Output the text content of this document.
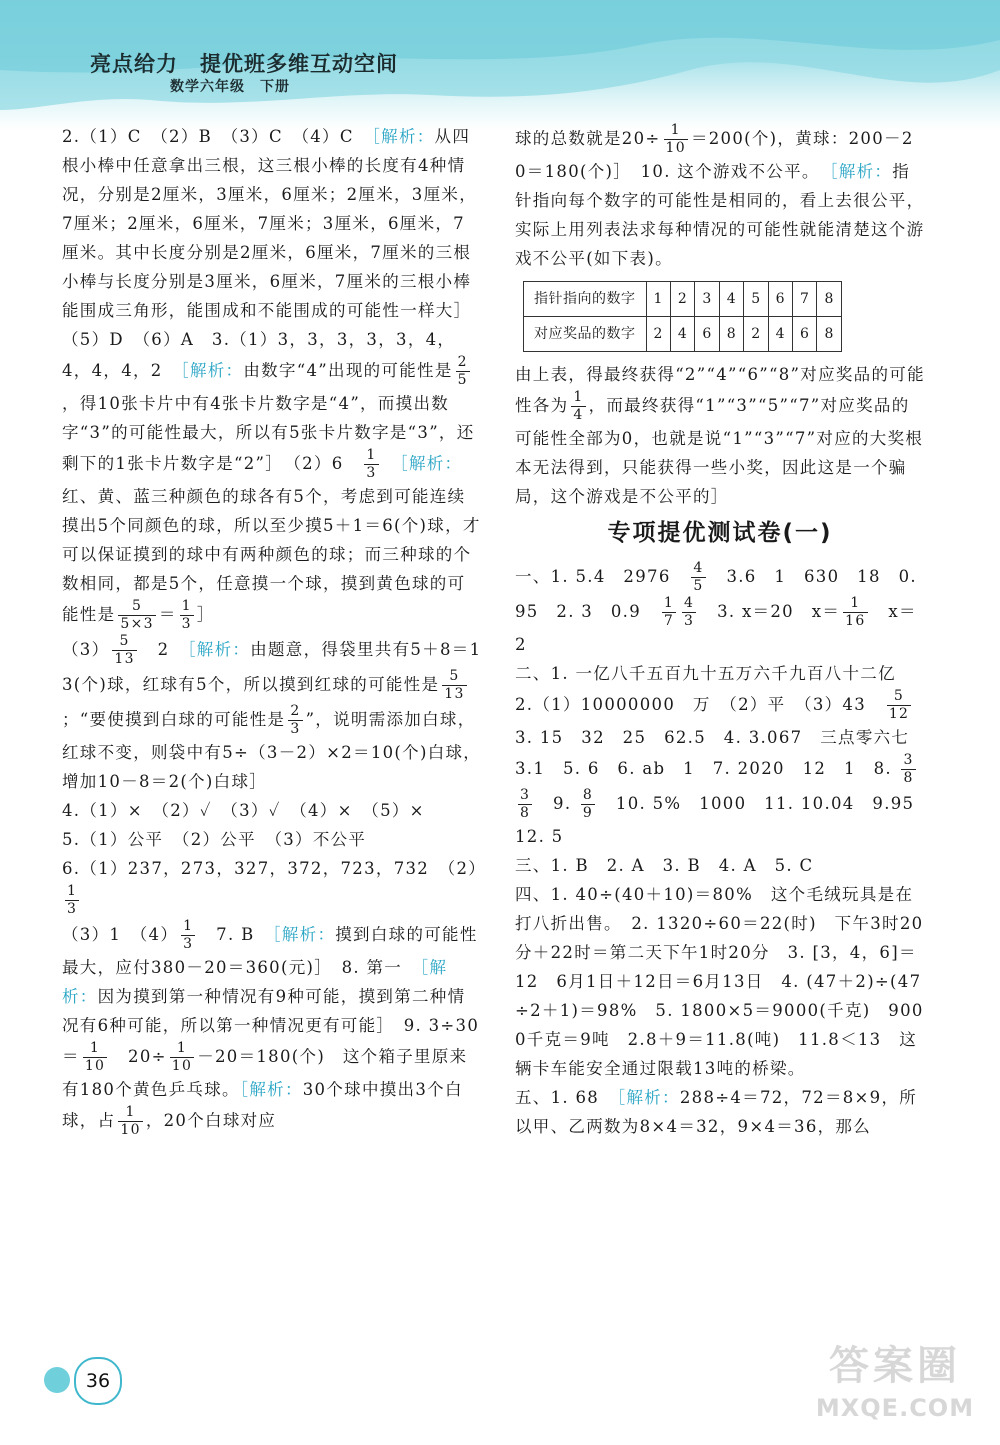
亮点给力　提优班多维互动空间
数学六年级　下册

2.（1）C　（2）B　（3）C　（4）C　［解析：从四根小棒中任意拿出三根，这三根小棒的长度有4种情况，分别是2厘米，3厘米，6厘米；2厘米，3厘米，7厘米；2厘米，6厘米，7厘米；3厘米，6厘米，7厘米。其中长度分别是2厘米，6厘米，7厘米的三根小棒与长度分别是3厘米，6厘米，7厘米的三根小棒能围成三角形，能围成和不能围成的可能性一样大］　（5）D　（6）A　3.（1）3，3，3，3，3，4，4，4，4，2　［解析：由数字“4”出现的可能性是 $\frac{2}{5}$
，得10张卡片中有4张卡片数字是“4”，而摸出数字“3”的可能性最大，所以有5张卡片数字是“3”，还剩下的1张卡片数字是“2”］　（2）6　 $\frac{1}{3}$ 　［解析：红、黄、蓝三种颜色的球各有5个，考虑到可能连续摸出5个同颜色的球，所以至少摸5＋1＝6(个)球，才可以保证摸到的球中有两种颜色的球；而三种球的个数相同，都是5个，任意摸一个球，摸到黄色球的可能性是 $\frac{5}{5\times 3} = \frac{1}{3}$ ］

$(3) \frac{5}{13}$ 　2　［解析：由题意，得袋里共有5＋8＝13(个)球，红球有5个，所以摸到红球的可能性是 $\frac{5}{13}$
；“要使摸到白球的可能性是 $\frac{2}{3}$ ”，说明需添加白球，红球不变，则袋中有5÷（3－2）×2＝10(个)白球，增加10－8＝2(个)白球］

4.（1）×　（2）✓　（3）✓　（4）×　（5）×

5.（1）公平　（2）公平　（3）不公平

6.（1）237，273，327，372，723，732　（2）
$\frac{1}{3}$

（3）1　$(4) \frac{1}{3}$ 　7. B　［解析：摸到白球的可能性最大，应付380－20＝360(元)］　8. 第一　［解析：因为摸到第一种情况有9种可能，摸到第二种情况有6种可能，所以第一种情况更有可能］　9. $3\div 30= \frac{1}{10}$ 　$20\div \frac{1}{10} -20=180$(个)　这个箱子里原来有180个黄色乒乓球。［解析：30个球中摸出3个白球，占 $\frac{1}{10}$ ，20个白球对应

球的总数就是$20\div \frac{1}{10} =200$(个)，黄球：200－20＝180(个)］　10. 这个游戏不公平。　［解析：指针指向每个数字的可能性是相同的，看上去很公平，实际上用列表法求每种情况的可能性就能清楚这个游戏不公平(如下表)。

指针指向的数字	1	2	3	4	5	6	7	8
对应奖品的数字	2	4	6	8	2	4	6	8

由上表，得最终获得“2”“4”“6”“8”对应奖品的可能性各为 $\frac{1}{4}$ ，而最终获得“1”“3”“5”“7”对应奖品的可能性全部为0，也就是说“1”“3”“7”对应的大奖根本无法得到，只能获得一些小奖，因此这是一个骗局，这个游戏是不公平的］

专项提优测试卷(一)

一、1. 5.4　2976　 $\frac{4}{5}$ 　3.6　1　630　18　0.95　2. 3　0.9　 $\frac{1}{7} \frac{4}{3}$ 　3. x＝20　$x= \frac{1}{16}$ 　x＝2

二、1. 一亿八千五百九十五万六千九百八十二亿　2.（1）10000000　万　（2）平　（3）43　 $\frac{5}{12}$ 　3. 15　32　25　62.5　4. 3.067　三点零六七　3.1　5. 6　6. ab　1　7. 2020　12　1　8. $\frac{3}{8}$
$\frac{3}{8}$ 　9. $\frac{8}{9}$ 　10. 5%　1000　11. 10.04　9.95　12. 5

三、1. B　2. A　3. B　4. A　5. C

四、1. 40÷(40＋10)＝80%　这个毛绒玩具是在打八折出售。　2. 1320÷60＝22(时)　下午3时20分＋22时＝第二天下午1时20分　3. [3，4，6]＝12　6月1日＋12日＝6月13日　4. (47＋2)÷(47÷2＋1)＝98%　5. 1800×5＝9000(千克)　9000千克＝9吨　2.8＋9＝11.8(吨)　11.8＜13　这辆卡车能安全通过限载13吨的桥梁。

五、1. 68　［解析：288÷4＝72，72＝8×9，所以甲、乙两数为8×4＝32，9×4＝36，那么

36	答案圈
MXQE.COM
